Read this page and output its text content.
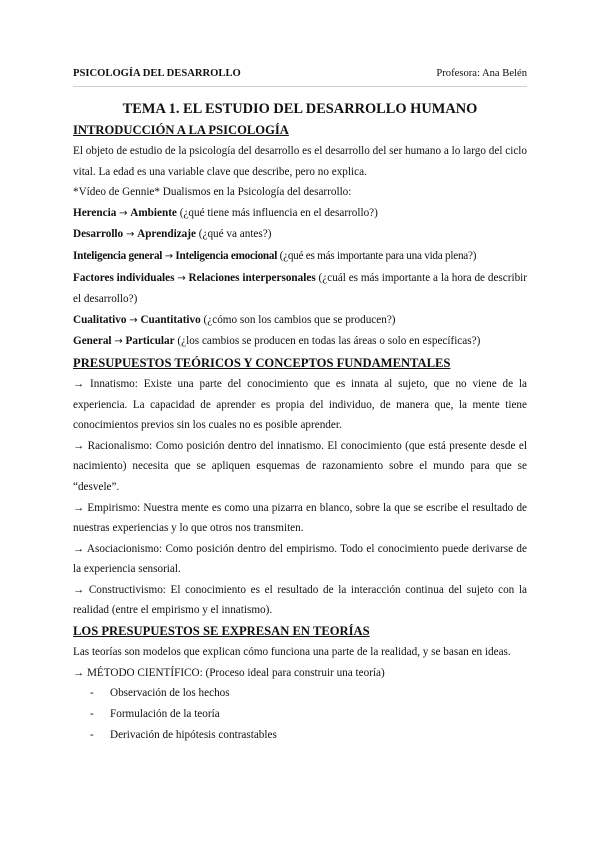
PSICOLOGÍA DEL DESARROLLO	Profesora: Ana Belén
TEMA 1. EL ESTUDIO DEL DESARROLLO HUMANO
INTRODUCCIÓN A LA PSICOLOGÍA

El objeto de estudio de la psicología del desarrollo es el desarrollo del ser humano a lo largo del ciclo vital. La edad es una variable clave que describe, pero no explica.

*Vídeo de Gennie* Dualismos en la Psicología del desarrollo:

Herencia → Ambiente (¿qué tiene más influencia en el desarrollo?)

Desarrollo → Aprendizaje (¿qué va antes?)

Inteligencia general → Inteligencia emocional (¿qué es más importante para una vida plena?)

Factores individuales → Relaciones interpersonales (¿cuál es más importante a la hora de describir el desarrollo?)

Cualitativo → Cuantitativo (¿cómo son los cambios que se producen?)

General → Particular (¿los cambios se producen en todas las áreas o solo en específicas?)

PRESUPUESTOS TEÓRICOS Y CONCEPTOS FUNDAMENTALES

→ Innatismo: Existe una parte del conocimiento que es innata al sujeto, que no viene de la experiencia. La capacidad de aprender es propia del individuo, de manera que, la mente tiene conocimientos previos sin los cuales no es posible aprender.

→ Racionalismo: Como posición dentro del innatismo. El conocimiento (que está presente desde el nacimiento) necesita que se apliquen esquemas de razonamiento sobre el mundo para que se “desvele”.

→ Empirismo: Nuestra mente es como una pizarra en blanco, sobre la que se escribe el resultado de nuestras experiencias y lo que otros nos transmiten.

→ Asociacionismo: Como posición dentro del empirismo. Todo el conocimiento puede derivarse de la experiencia sensorial.

→ Constructivismo: El conocimiento es el resultado de la interacción continua del sujeto con la realidad (entre el empirismo y el innatismo).

LOS PRESUPUESTOS SE EXPRESAN EN TEORÍAS

Las teorías son modelos que explican cómo funciona una parte de la realidad, y se basan en ideas.

→ MÉTODO CIENTÍFICO: (Proceso ideal para construir una teoría)

- Observación de los hechos
- Formulación de la teoría
- Derivación de hipótesis contrastables
